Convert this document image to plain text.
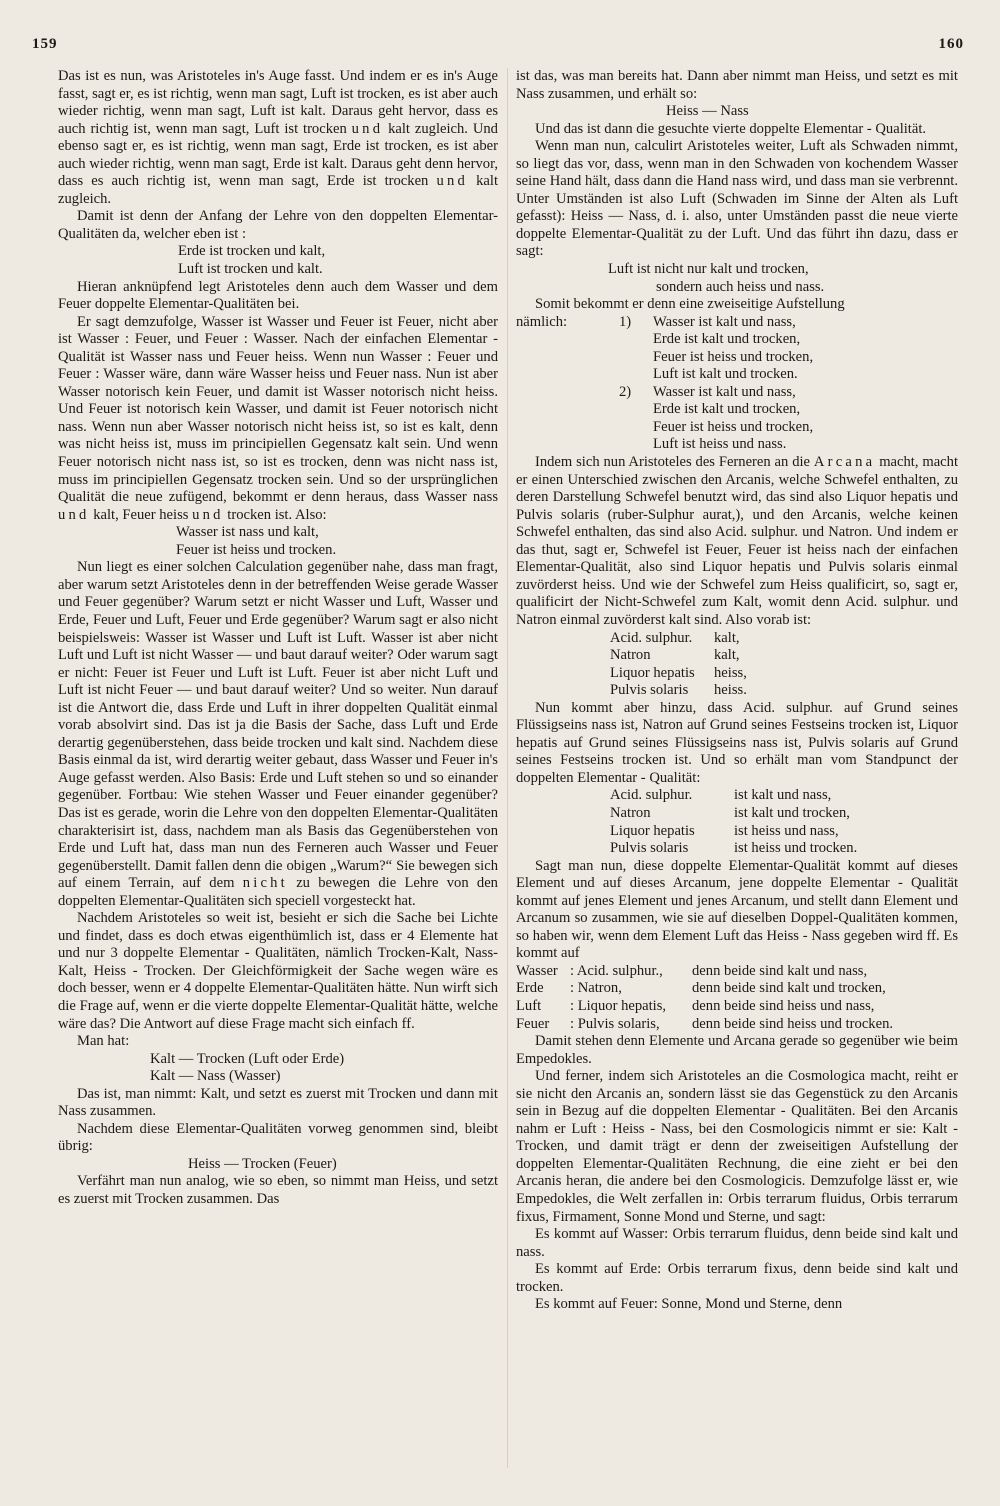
159	160

Das ist es nun, was Aristoteles in's Auge fasst. Und indem er es in's Auge fasst, sagt er, es ist richtig, wenn man sagt, Luft ist trocken, es ist aber auch wieder richtig, wenn man sagt, Luft ist kalt. Daraus geht hervor, dass es auch richtig ist, wenn man sagt, Luft ist trocken und kalt zugleich. Und ebenso sagt er, es ist richtig, wenn man sagt, Erde ist trocken, es ist aber auch wieder richtig, wenn man sagt, Erde ist kalt. Daraus geht denn hervor, dass es auch richtig ist, wenn man sagt, Erde ist trocken und kalt zugleich.

Damit ist denn der Anfang der Lehre von den doppelten Elementar-Qualitäten da, welcher eben ist :

Erde ist trocken und kalt,
Luft ist trocken und kalt.

Hieran anknüpfend legt Aristoteles denn auch dem Wasser und dem Feuer doppelte Elementar-Qualitäten bei.

Er sagt demzufolge, Wasser ist Wasser und Feuer ist Feuer, nicht aber ist Wasser : Feuer, und Feuer : Wasser. Nach der einfachen Elementar - Qualität ist Wasser nass und Feuer heiss. Wenn nun Wasser : Feuer und Feuer : Wasser wäre, dann wäre Wasser heiss und Feuer nass. Nun ist aber Wasser notorisch kein Feuer, und damit ist Wasser notorisch nicht heiss. Und Feuer ist notorisch kein Wasser, und damit ist Feuer notorisch nicht nass. Wenn nun aber Wasser notorisch nicht heiss ist, so ist es kalt, denn was nicht heiss ist, muss im principiellen Gegensatz kalt sein. Und wenn Feuer notorisch nicht nass ist, so ist es trocken, denn was nicht nass ist, muss im principiellen Gegensatz trocken sein. Und so der ursprünglichen Qualität die neue zufügend, bekommt er denn heraus, dass Wasser nass und kalt, Feuer heiss und trocken ist. Also:

Wasser ist nass und kalt,
Feuer ist heiss und trocken.

Nun liegt es einer solchen Calculation gegenüber nahe, dass man fragt, aber warum setzt Aristoteles denn in der betreffenden Weise gerade Wasser und Feuer gegenüber? Warum setzt er nicht Wasser und Luft, Wasser und Erde, Feuer und Luft, Feuer und Erde gegenüber? Warum sagt er also nicht beispielsweis: Wasser ist Wasser und Luft ist Luft. Wasser ist aber nicht Luft und Luft ist nicht Wasser — und baut darauf weiter? Oder warum sagt er nicht: Feuer ist Feuer und Luft ist Luft. Feuer ist aber nicht Luft und Luft ist nicht Feuer — und baut darauf weiter? Und so weiter. Nun darauf ist die Antwort die, dass Erde und Luft in ihrer doppelten Qualität einmal vorab absolvirt sind. Das ist ja die Basis der Sache, dass Luft und Erde derartig gegenüberstehen, dass beide trocken und kalt sind. Nachdem diese Basis einmal da ist, wird derartig weiter gebaut, dass Wasser und Feuer in's Auge gefasst werden. Also Basis: Erde und Luft stehen so und so einander gegenüber. Fortbau: Wie stehen Wasser und Feuer einander gegenüber? Das ist es gerade, worin die Lehre von den doppelten Elementar-Qualitäten charakterisirt ist, dass, nachdem man als Basis das Gegenüberstehen von Erde und Luft hat, dass man nun des Ferneren auch Wasser und Feuer gegenüberstellt. Damit fallen denn die obigen „Warum?“ Sie bewegen sich auf einem Terrain, auf dem nicht zu bewegen die Lehre von den doppelten Elementar-Qualitäten sich speciell vorgesteckt hat.

Nachdem Aristoteles so weit ist, besieht er sich die Sache bei Lichte und findet, dass es doch etwas eigenthümlich ist, dass er 4 Elemente hat und nur 3 doppelte Elementar - Qualitäten, nämlich Trocken-Kalt, Nass-Kalt, Heiss - Trocken. Der Gleichförmigkeit der Sache wegen wäre es doch besser, wenn er 4 doppelte Elementar-Qualitäten hätte. Nun wirft sich die Frage auf, wenn er die vierte doppelte Elementar-Qualität hätte, welche wäre das? Die Antwort auf diese Frage macht sich einfach ff.

Man hat:

Kalt — Trocken (Luft oder Erde)
Kalt — Nass (Wasser)

Das ist, man nimmt: Kalt, und setzt es zuerst mit Trocken und dann mit Nass zusammen.

Nachdem diese Elementar-Qualitäten vorweg genommen sind, bleibt übrig:

Heiss — Trocken (Feuer)

Verfährt man nun analog, wie so eben, so nimmt man Heiss, und setzt es zuerst mit Trocken zusammen. Das

ist das, was man bereits hat. Dann aber nimmt man Heiss, und setzt es mit Nass zusammen, und erhält so:

Heiss — Nass

Und das ist dann die gesuchte vierte doppelte Elementar - Qualität.

Wenn man nun, calculirt Aristoteles weiter, Luft als Schwaden nimmt, so liegt das vor, dass, wenn man in den Schwaden von kochendem Wasser seine Hand hält, dass dann die Hand nass wird, und dass man sie verbrennt. Unter Umständen ist also Luft (Schwaden im Sinne der Alten als Luft gefasst): Heiss — Nass, d. i. also, unter Umständen passt die neue vierte doppelte Elementar-Qualität zu der Luft. Und das führt ihn dazu, dass er sagt:

Luft ist nicht nur kalt und trocken,
sondern auch heiss und nass.
Somit bekommt er denn eine zweiseitige Aufstellung
nämlich:	1)	Wasser ist kalt und nass,
		Erde ist kalt und trocken,
		Feuer ist heiss und trocken,
		Luft ist kalt und trocken.
	2)	Wasser ist kalt und nass,
		Erde ist kalt und trocken,
		Feuer ist heiss und trocken,
		Luft ist heiss und nass.

Indem sich nun Aristoteles des Ferneren an die Arcana macht, macht er einen Unterschied zwischen den Arcanis, welche Schwefel enthalten, zu deren Darstellung Schwefel benutzt wird, das sind also Liquor hepatis und Pulvis solaris (ruber-Sulphur aurat,), und den Arcanis, welche keinen Schwefel enthalten, das sind also Acid. sulphur. und Natron. Und indem er das thut, sagt er, Schwefel ist Feuer, Feuer ist heiss nach der einfachen Elementar-Qualität, also sind Liquor hepatis und Pulvis solaris einmal zuvörderst heiss. Und wie der Schwefel zum Heiss qualificirt, so, sagt er, qualificirt der Nicht-Schwefel zum Kalt, womit denn Acid. sulphur. und Natron einmal zuvörderst kalt sind. Also vorab ist:

Acid. sulphur.	kalt,
Natron	kalt,
Liquor hepatis	heiss,
Pulvis solaris	heiss.

Nun kommt aber hinzu, dass Acid. sulphur. auf Grund seines Flüssigseins nass ist, Natron auf Grund seines Festseins trocken ist, Liquor hepatis auf Grund seines Flüssigseins nass ist, Pulvis solaris auf Grund seines Festseins trocken ist. Und so erhält man vom Standpunct der doppelten Elementar - Qualität:

Acid. sulphur.	ist kalt und nass,
Natron	ist kalt und trocken,
Liquor hepatis	ist heiss und nass,
Pulvis solaris	ist heiss und trocken.

Sagt man nun, diese doppelte Elementar-Qualität kommt auf dieses Element und auf dieses Arcanum, jene doppelte Elementar - Qualität kommt auf jenes Element und jenes Arcanum, und stellt dann Element und Arcanum so zusammen, wie sie auf dieselben Doppel-Qualitäten kommen, so haben wir, wenn dem Element Luft das Heiss - Nass gegeben wird ff. Es kommt auf

Wasser	: Acid. sulphur.,	denn beide sind kalt und nass,
Erde	: Natron,	denn beide sind kalt und trocken,
Luft	: Liquor hepatis,	denn beide sind heiss und nass,
Feuer	: Pulvis solaris,	denn beide sind heiss und trocken.

Damit stehen denn Elemente und Arcana gerade so gegenüber wie beim Empedokles.

Und ferner, indem sich Aristoteles an die Cosmologica macht, reiht er sie nicht den Arcanis an, sondern lässt sie das Gegenstück zu den Arcanis sein in Bezug auf die doppelten Elementar - Qualitäten. Bei den Arcanis nahm er Luft : Heiss - Nass, bei den Cosmologicis nimmt er sie: Kalt - Trocken, und damit trägt er denn der zweiseitigen Aufstellung der doppelten Elementar-Qualitäten Rechnung, die eine zieht er bei den Arcanis heran, die andere bei den Cosmologicis. Demzufolge lässt er, wie Empedokles, die Welt zerfallen in: Orbis terrarum fluidus, Orbis terrarum fixus, Firmament, Sonne Mond und Sterne, und sagt:

Es kommt auf Wasser: Orbis terrarum fluidus, denn beide sind kalt und nass.

Es kommt auf Erde: Orbis terrarum fixus, denn beide sind kalt und trocken.

Es kommt auf Feuer: Sonne, Mond und Sterne, denn
